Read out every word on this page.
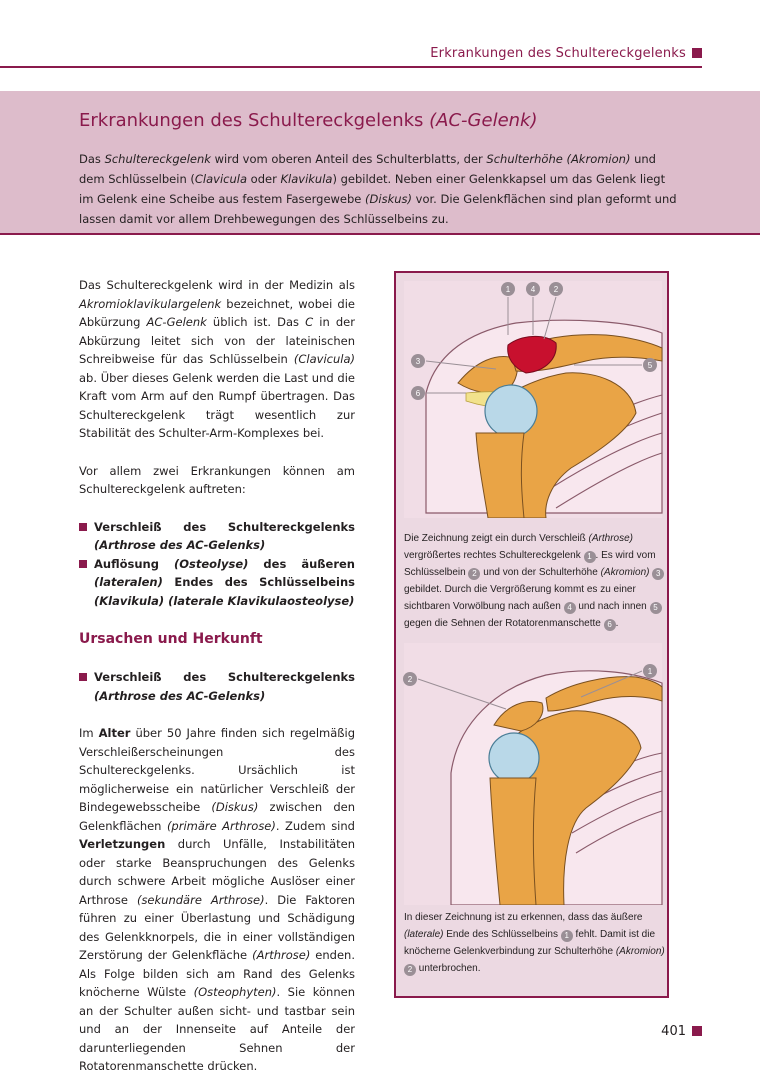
Erkrankungen des Schultereckgelenks
Erkrankungen des Schultereckgelenks (AC-Gelenk)

Das Schultereckgelenk wird vom oberen Anteil des Schulterblatts, der Schulterhöhe (Akromion) und dem Schlüsselbein (Clavicula oder Klavikula) gebildet. Neben einer Gelenkkapsel um das Gelenk liegt im Gelenk eine Scheibe aus festem Fasergewebe (Diskus) vor. Die Gelenkflächen sind plan geformt und lassen damit vor allem Drehbewegungen des Schlüsselbeins zu.

Das Schultereckgelenk wird in der Medizin als Akromioklavikulargelenk bezeichnet, wobei die Abkürzung AC-Gelenk üblich ist. Das C in der Abkürzung leitet sich von der lateinischen Schreibweise für das Schlüsselbein (Clavicula) ab. Über dieses Gelenk werden die Last und die Kraft vom Arm auf den Rumpf übertragen. Das Schultereckgelenk trägt wesentlich zur Stabilität des Schulter-Arm-Komplexes bei.

Vor allem zwei Erkrankungen können am Schultereckgelenk auftreten:

Verschleiß des Schultereckgelenks (Arthrose des AC-Gelenks)

Auflösung (Osteolyse) des äußeren (lateralen) Endes des Schlüsselbeins (Klavikula) (laterale Klavikulaosteolyse)

Ursachen und Herkunft

Verschleiß des Schultereckgelenks (Arthrose des AC-Gelenks)

Im Alter über 50 Jahre finden sich regelmäßig Verschleißerscheinungen des Schultereckgelenks. Ursächlich ist möglicherweise ein natürlicher Verschleiß der Bindegewebsscheibe (Diskus) zwischen den Gelenkflächen (primäre Arthrose). Zudem sind Verletzungen durch Unfälle, Instabilitäten oder starke Beanspruchungen des Gelenks durch schwere Arbeit mögliche Auslöser einer Arthrose (sekundäre Arthrose). Die Faktoren führen zu einer Überlastung und Schädigung des Gelenkknorpels, die in einer vollständigen Zerstörung der Gelenkfläche (Arthrose) enden. Als Folge bilden sich am Rand des Gelenks knöcherne Wülste (Osteophyten). Sie können an der Schulter außen sicht- und tastbar sein und an der Innenseite auf Anteile der darunterliegenden Sehnen der Rotatorenmanschette drücken.

1	4 2
3	5
6
Die Zeichnung zeigt ein durch Verschleiß (Arthrose) vergrößertes rechtes Schultereckgelenk 1 . Es wird vom Schlüsselbein 2 und von der Schulterhöhe (Akromion) 3 gebildet. Durch die Vergrößerung kommt es zu einer sichtbaren Vorwölbung nach außen 4 und nach innen 5 gegen die Sehnen der Rotatorenmanschette 6 .
2
1
In dieser Zeichnung ist zu erkennen, dass das äußere (laterale) Ende des Schlüsselbeins 1 fehlt. Damit ist die knöcherne Gelenkverbindung zur Schulterhöhe (Akromion) 2 unterbrochen.
401
